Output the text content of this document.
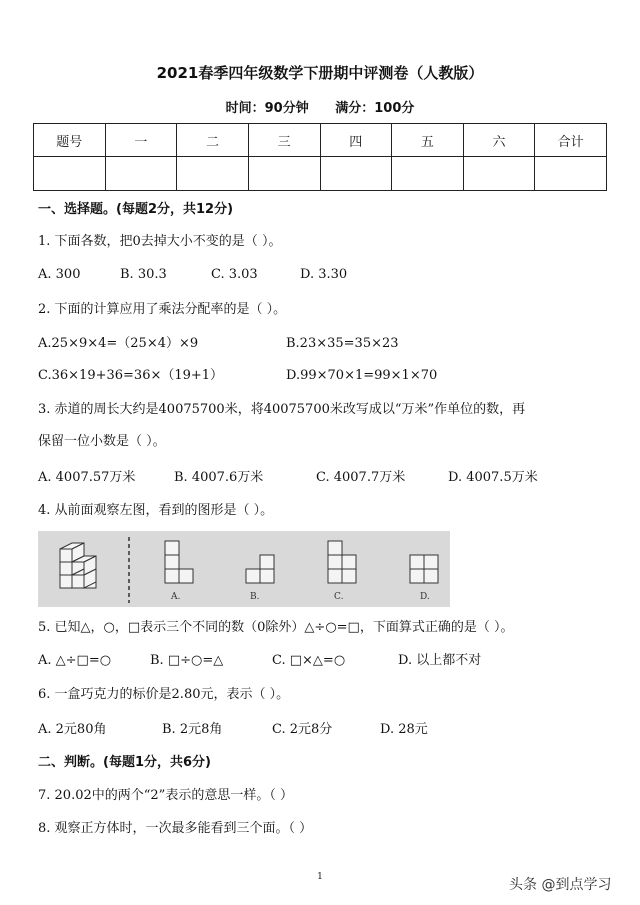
2021春季四年级数学下册期中评测卷（人教版）
时间：90分钟 满分：100分
题号	一	二	三	四	五	六	合计

一、选择题。(每题2分，共12分)
1. 下面各数，把0去掉大小不变的是（ ）。
A. 300	B. 30.3	C. 3.03	D. 3.30
2. 下面的计算应用了乘法分配率的是（ ）。
A.25×9×4=（25×4）×9	B.23×35=35×23
C.36×19+36=36×（19+1）	D.99×70×1=99×1×70
3. 赤道的周长大约是40075700米，将40075700米改写成以“万米”作单位的数，再
保留一位小数是（ ）。
A. 4007.57万米	B. 4007.6万米	C. 4007.7万米	D. 4007.5万米
4. 从前面观察左图，看到的图形是（ ）。
A.	B.	C.	D.
5. 已知△，○，□表示三个不同的数（0除外）△÷○=□，下面算式正确的是（ ）。
A. △÷□=○	B. □÷○=△	C. □×△=○	D. 以上都不对
6. 一盒巧克力的标价是2.80元，表示（ ）。
A. 2元80角	B. 2元8角	C. 2元8分	D. 28元
二、判断。(每题1分，共6分)
7. 20.02中的两个“2”表示的意思一样。（ ）
8. 观察正方体时，一次最多能看到三个面。（ ）
1	头条 @到点学习
